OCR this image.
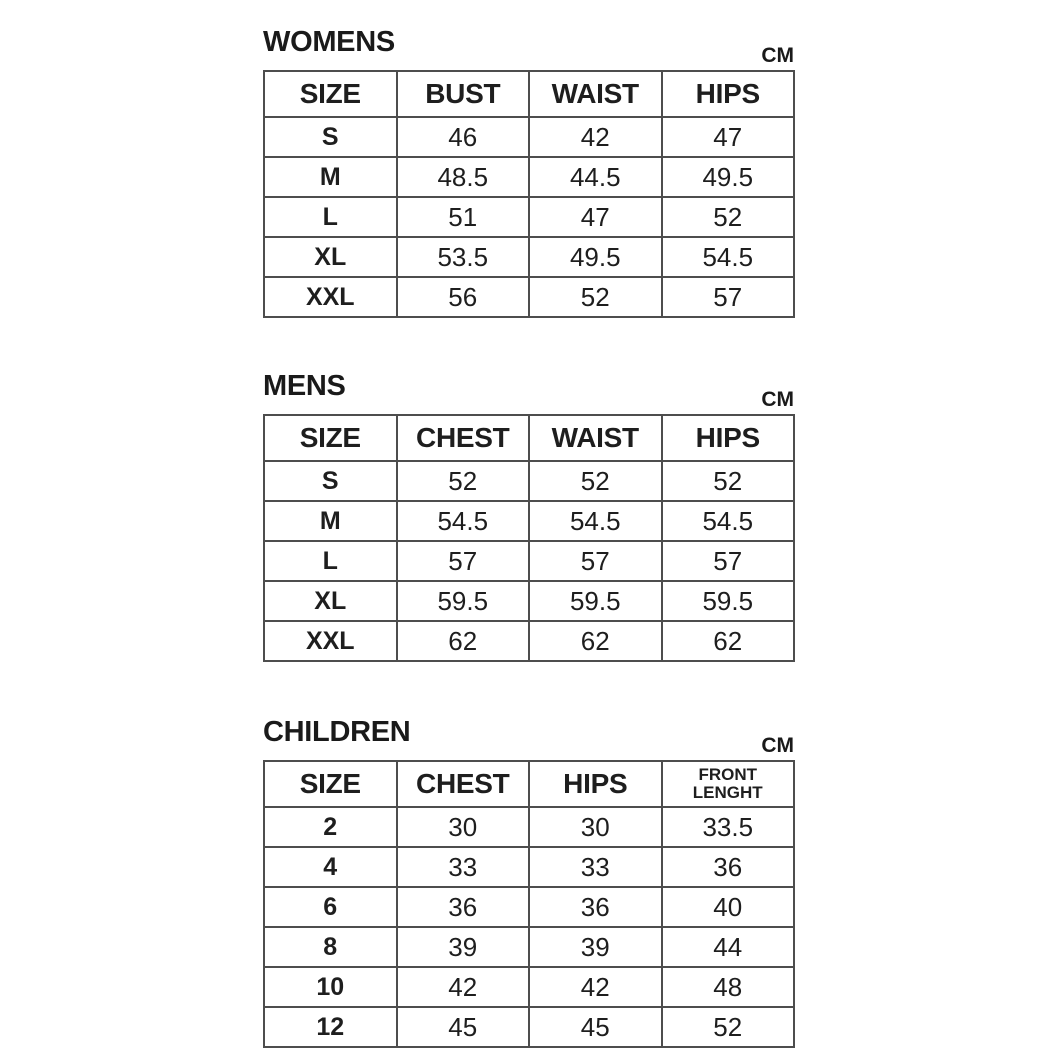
WOMENS	CM
SIZE	BUST	WAIST	HIPS
S	46	42	47
M	48.5	44.5	49.5
L	51	47	52
XL	53.5	49.5	54.5
XXL	56	52	57
MENS	CM
SIZE	CHEST	WAIST	HIPS
S	52	52	52
M	54.5	54.5	54.5
L	57	57	57
XL	59.5	59.5	59.5
XXL	62	62	62
CHILDREN	CM
SIZE	CHEST	HIPS	FRONT
LENGHT
2	30	30	33.5
4	33	33	36
6	36	36	40
8	39	39	44
10	42	42	48
12	45	45	52
